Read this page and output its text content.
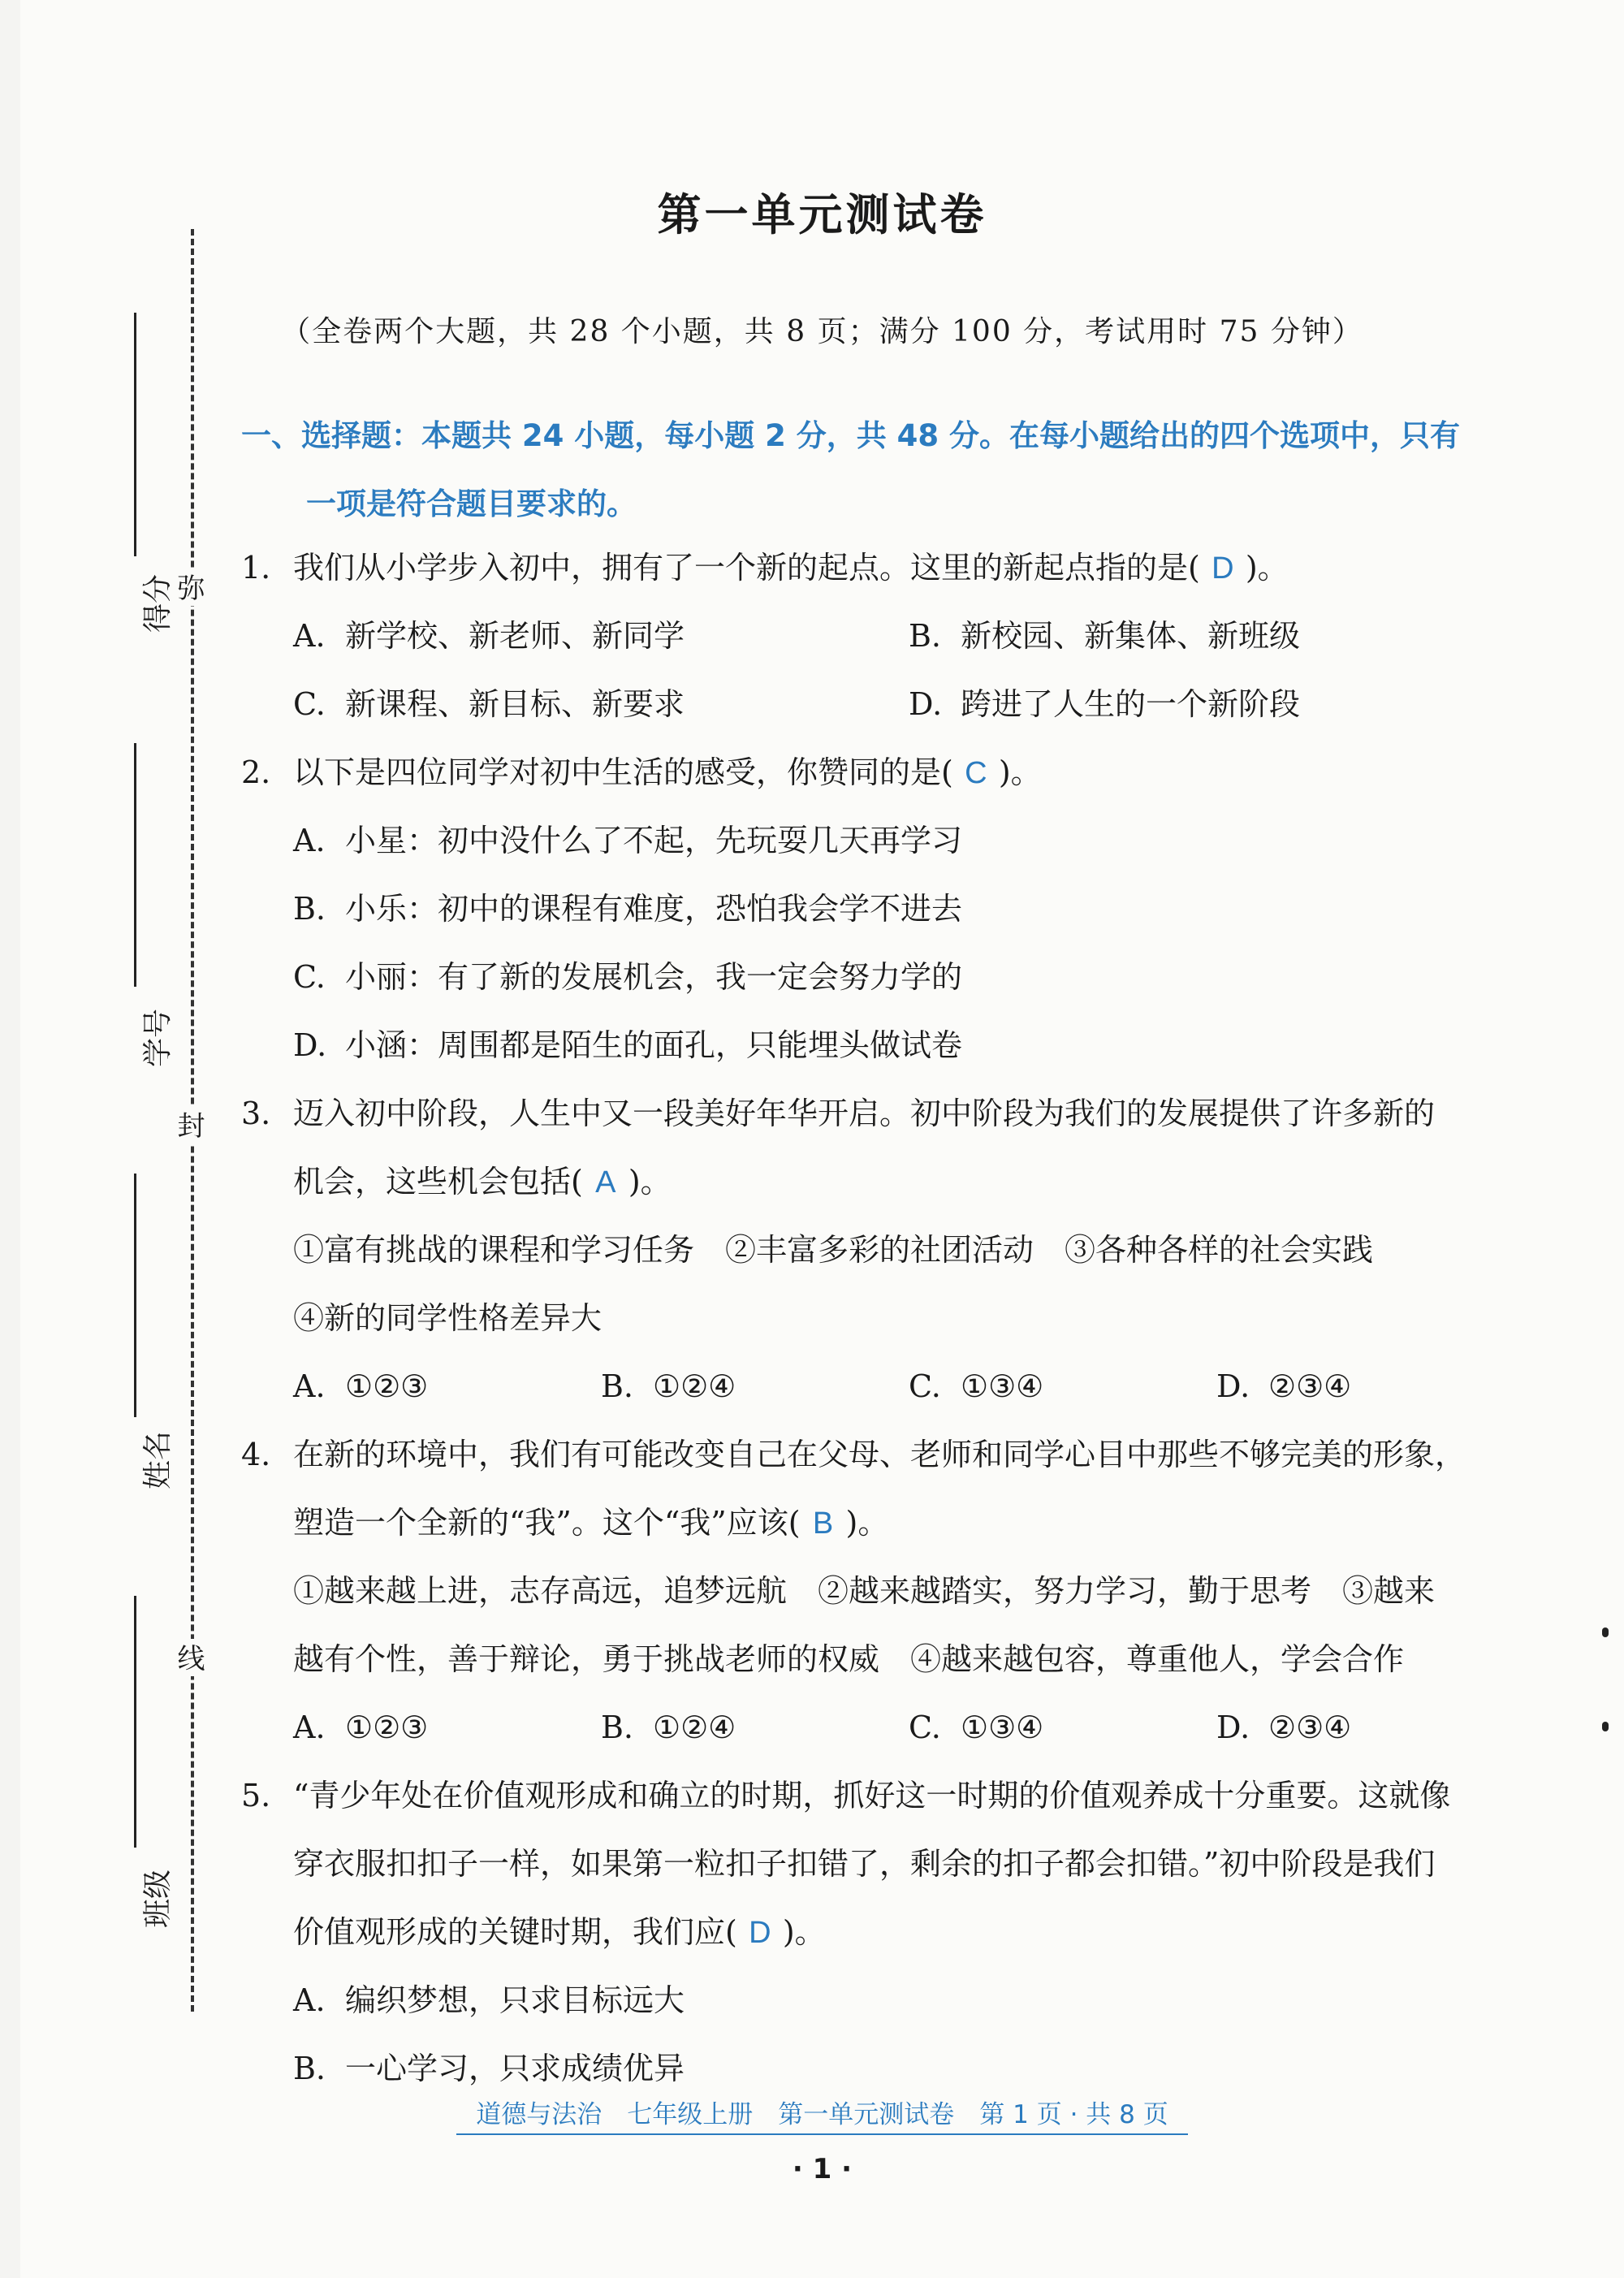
弥
封
线
得分
学号
姓名
班级
第一单元测试卷
（全卷两个大题，共 28 个小题，共 8 页；满分 100 分，考试用时 75 分钟）
一、选择题：本题共 24 小题，每小题 2 分，共 48 分。在每小题给出的四个选项中，只有
一项是符合题目要求的。
1. 我们从小学步入初中，拥有了一个新的起点。这里的新起点指的是( D )。
A. 新学校、新老师、新同学	B. 新校园、新集体、新班级
C. 新课程、新目标、新要求	D. 跨进了人生的一个新阶段
2. 以下是四位同学对初中生活的感受，你赞同的是( C )。
A. 小星：初中没什么了不起，先玩耍几天再学习
B. 小乐：初中的课程有难度，恐怕我会学不进去
C. 小丽：有了新的发展机会，我一定会努力学的
D. 小涵：周围都是陌生的面孔，只能埋头做试卷
3. 迈入初中阶段，人生中又一段美好年华开启。初中阶段为我们的发展提供了许多新的
机会，这些机会包括( A )。
①富有挑战的课程和学习任务　②丰富多彩的社团活动　③各种各样的社会实践
④新的同学性格差异大
A. ①②③	B. ①②④	C. ①③④	D. ②③④
4. 在新的环境中，我们有可能改变自己在父母、老师和同学心目中那些不够完美的形象，
塑造一个全新的“我”。这个“我”应该( B )。
①越来越上进，志存高远，追梦远航　②越来越踏实，努力学习，勤于思考　③越来
越有个性，善于辩论，勇于挑战老师的权威　④越来越包容，尊重他人，学会合作
A. ①②③	B. ①②④	C. ①③④	D. ②③④
5. “青少年处在价值观形成和确立的时期，抓好这一时期的价值观养成十分重要。这就像
穿衣服扣扣子一样，如果第一粒扣子扣错了，剩余的扣子都会扣错。”初中阶段是我们
价值观形成的关键时期，我们应( D )。
A. 编织梦想，只求目标远大
B. 一心学习，只求成绩优异
道德与法治　七年级上册　第一单元测试卷　第 1 页 · 共 8 页
· 1 ·
